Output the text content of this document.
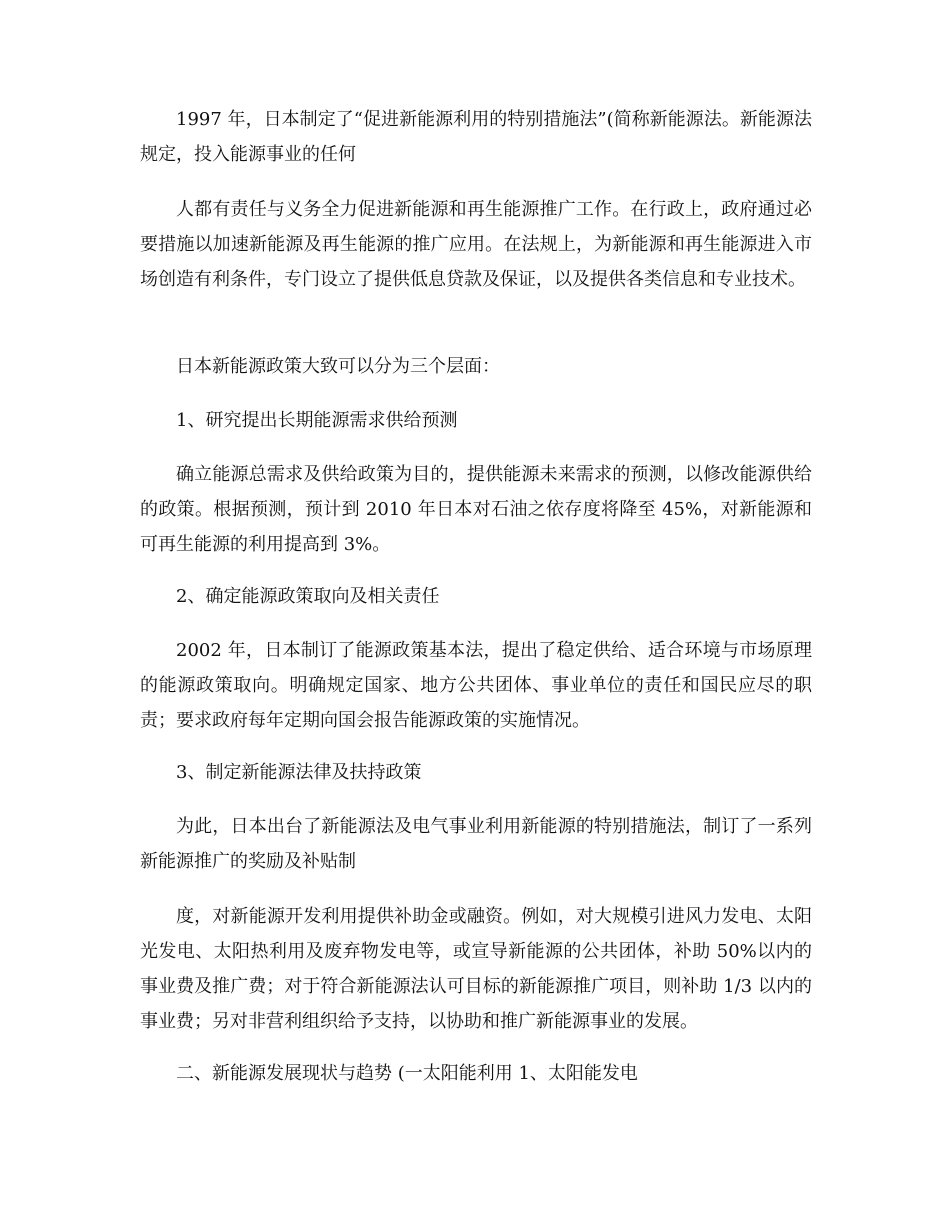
1997 年，日本制定了“促进新能源利用的特别措施法”(简称新能源法。新能源法规定，投入能源事业的任何

人都有责任与义务全力促进新能源和再生能源推广工作。在行政上，政府通过必要措施以加速新能源及再生能源的推广应用。在法规上，为新能源和再生能源进入市场创造有利条件，专门设立了提供低息贷款及保证，以及提供各类信息和专业技术。

日本新能源政策大致可以分为三个层面：

1、研究提出长期能源需求供给预测

确立能源总需求及供给政策为目的，提供能源未来需求的预测，以修改能源供给的政策。根据预测，预计到 2010 年日本对石油之依存度将降至 45%，对新能源和可再生能源的利用提高到 3%。

2、确定能源政策取向及相关责任

2002 年，日本制订了能源政策基本法，提出了稳定供给、适合环境与市场原理的能源政策取向。明确规定国家、地方公共团体、事业单位的责任和国民应尽的职责；要求政府每年定期向国会报告能源政策的实施情况。

3、制定新能源法律及扶持政策

为此，日本出台了新能源法及电气事业利用新能源的特别措施法，制订了一系列新能源推广的奖励及补贴制

度，对新能源开发利用提供补助金或融资。例如，对大规模引进风力发电、太阳光发电、太阳热利用及废弃物发电等，或宣导新能源的公共团体，补助 50%以内的事业费及推广费；对于符合新能源法认可目标的新能源推广项目，则补助 1/3 以内的事业费；另对非营利组织给予支持，以协助和推广新能源事业的发展。

二、新能源发展现状与趋势 (一太阳能利用 1、太阳能发电
